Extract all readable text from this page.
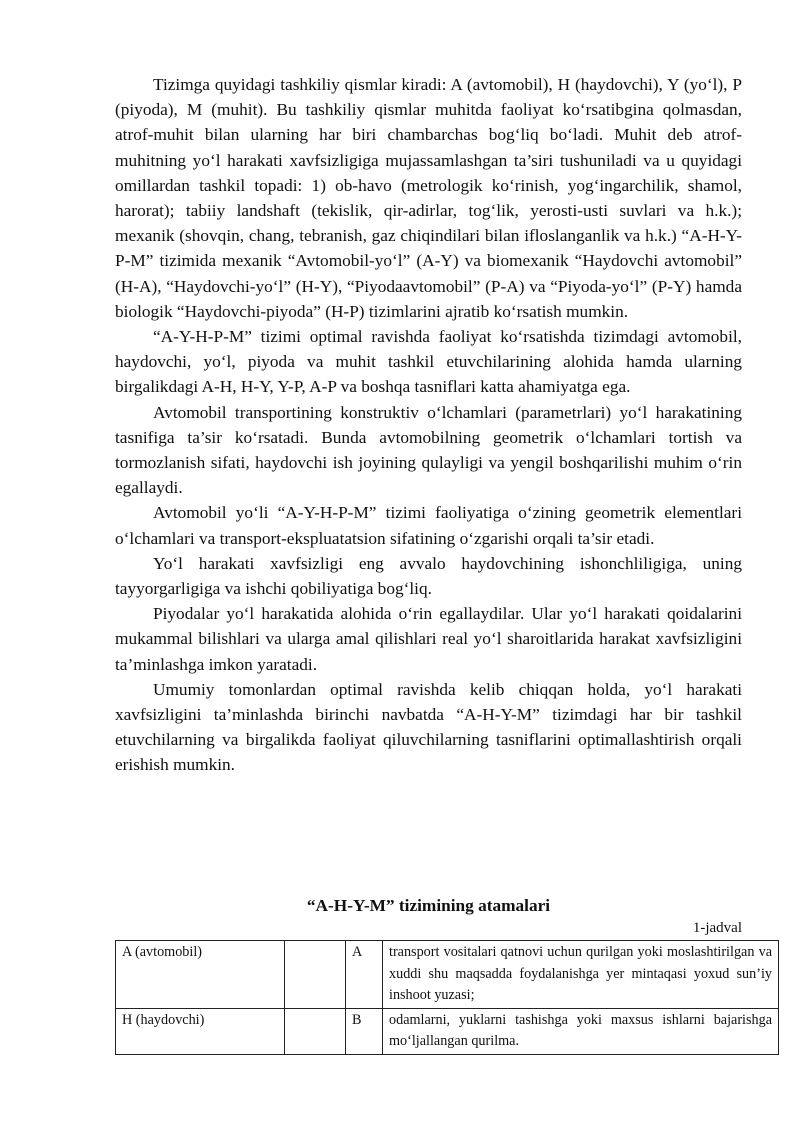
Tizimga quyidagi tashkiliy qismlar kiradi: A (avtomobil), H (haydovchi), Y (yo‘l), P (piyoda), M (muhit). Bu tashkiliy qismlar muhitda faoliyat ko‘rsatibgina qolmasdan, atrof-muhit bilan ularning har biri chambarchas bog‘liq bo‘ladi. Muhit deb atrof-muhitning yo‘l harakati xavfsizligiga mujassamlashgan ta’siri tushuniladi va u quyidagi omillardan tashkil topadi: 1) ob-havo (metrologik ko‘rinish, yog‘ingarchilik, shamol, harorat); tabiiy landshaft (tekislik, qir-adirlar, tog‘lik, yerosti-usti suvlari va h.k.); mexanik (shovqin, chang, tebranish, gaz chiqindilari bilan ifloslanganlik va h.k.) “A-H-Y-P-M” tizimida mexanik “Avtomobil-yo‘l” (A-Y) va biomexanik “Haydovchi avtomobil” (H-A), “Haydovchi-yo‘l” (H-Y), “Piyodaavtomobil” (P-A) va “Piyoda-yo‘l” (P-Y) hamda biologik “Haydovchi-piyoda” (H-P) tizimlarini ajratib ko‘rsatish mumkin.

“A-Y-H-P-M” tizimi optimal ravishda faoliyat ko‘rsatishda tizimdagi avtomobil, haydovchi, yo‘l, piyoda va muhit tashkil etuvchilarining alohida hamda ularning birgalikdagi A-H, H-Y, Y-P, A-P va boshqa tasniflari katta ahamiyatga ega.

Avtomobil transportining konstruktiv o‘lchamlari (parametrlari) yo‘l harakatining tasnifiga ta’sir ko‘rsatadi. Bunda avtomobilning geometrik o‘lchamlari tortish va tormozlanish sifati, haydovchi ish joyining qulayligi va yengil boshqarilishi muhim o‘rin egallaydi.

Avtomobil yo‘li “A-Y-H-P-M” tizimi faoliyatiga o‘zining geometrik elementlari o‘lchamlari va transport-ekspluatatsion sifatining o‘zgarishi orqali ta’sir etadi.

Yo‘l harakati xavfsizligi eng avvalo haydovchining ishonchliligiga, uning tayyorgarligiga va ishchi qobiliyatiga bog‘liq.

Piyodalar yo‘l harakatida alohida o‘rin egallaydilar. Ular yo‘l harakati qoidalarini mukammal bilishlari va ularga amal qilishlari real yo‘l sharoitlarida harakat xavfsizligini ta’minlashga imkon yaratadi.

Umumiy tomonlardan optimal ravishda kelib chiqqan holda, yo‘l harakati xavfsizligini ta’minlashda birinchi navbatda “A-H-Y-M” tizimdagi har bir tashkil etuvchilarning va birgalikda faoliyat qiluvchilarning tasniflarini optimallashtirish orqali erishish mumkin.

“A-H-Y-M” tizimining atamalari
1-jadval
A (avtomobil)		A	transport vositalari qatnovi uchun qurilgan yoki moslashtirilgan va xuddi shu maqsadda foydalanishga yer mintaqasi yoxud sun’iy inshoot yuzasi;
H (haydovchi)		B	odamlarni, yuklarni tashishga yoki maxsus ishlarni bajarishga mo‘ljallangan qurilma.
